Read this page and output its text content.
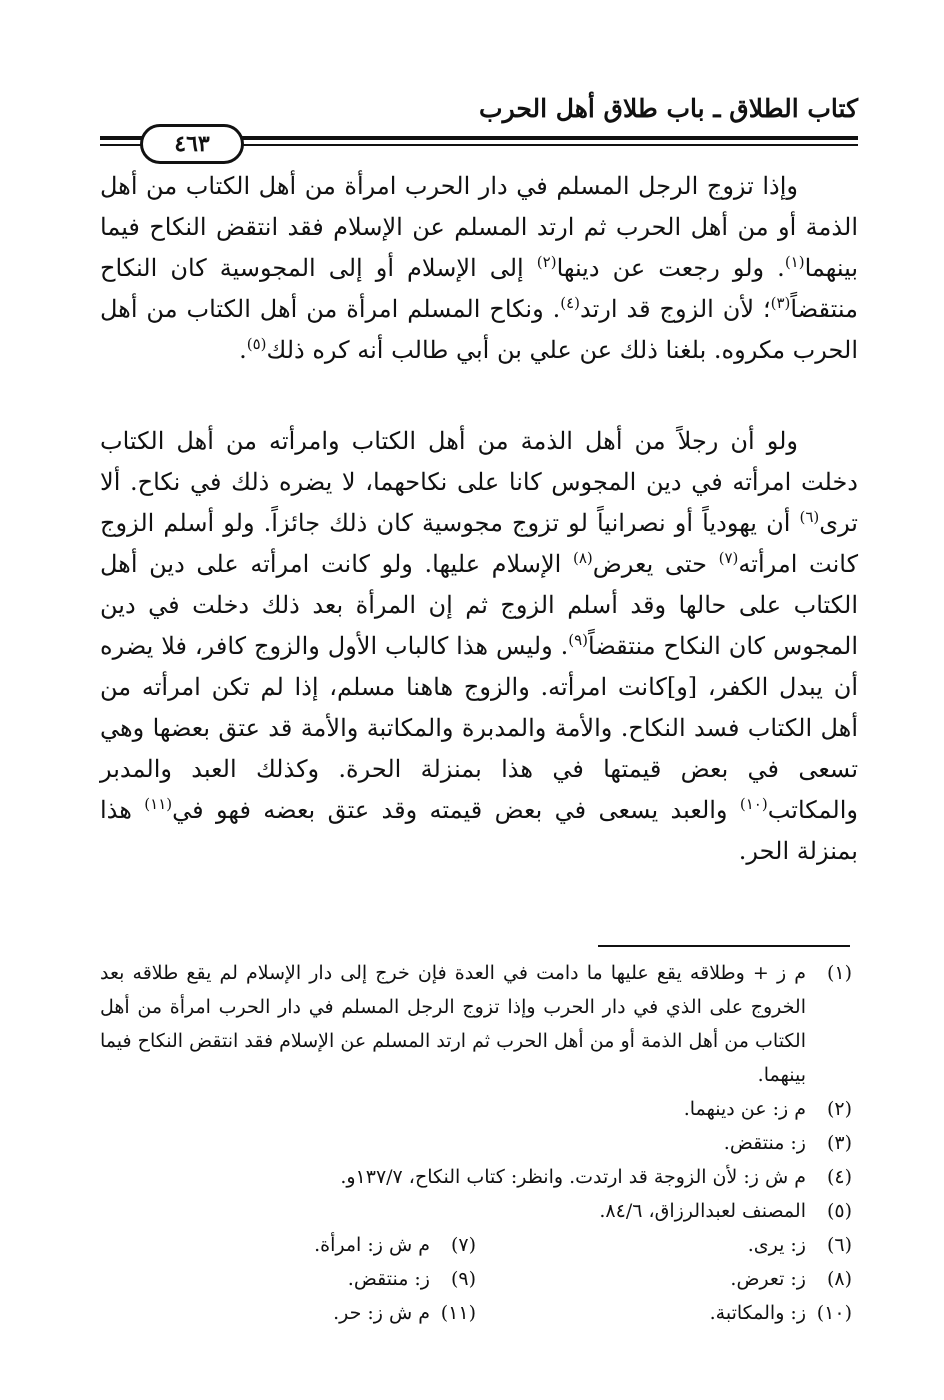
كتاب الطلاق ـ باب طلاق أهل الحرب
٤٦٣

وإذا تزوج الرجل المسلم في دار الحرب امرأة من أهل الكتاب من أهل الذمة أو من أهل الحرب ثم ارتد المسلم عن الإسلام فقد انتقض النكاح فيما بينهما$^{(١)}$. ولو رجعت عن دينها$^{(٢)}$ إلى الإسلام أو إلى المجوسية كان النكاح منتقضاً$^{(٣)}$؛ لأن الزوج قد ارتد$^{(٤)}$. ونكاح المسلم امرأة من أهل الكتاب من أهل الحرب مكروه. بلغنا ذلك عن علي بن أبي طالب أنه كره ذلك$^{(٥)}$.

ولو أن رجلاً من أهل الذمة من أهل الكتاب وامرأته من أهل الكتاب دخلت امرأته في دين المجوس كانا على نكاحهما، لا يضره ذلك في نكاح. ألا ترى$^{(٦)}$ أن يهودياً أو نصرانياً لو تزوج مجوسية كان ذلك جائزاً. ولو أسلم الزوج كانت امرأته$^{(٧)}$ حتى يعرض$^{(٨)}$ الإسلام عليها. ولو كانت امرأته على دين أهل الكتاب على حالها وقد أسلم الزوج ثم إن المرأة بعد ذلك دخلت في دين المجوس كان النكاح منتقضاً$^{(٩)}$. وليس هذا كالباب الأول والزوج كافر، فلا يضره أن يبدل الكفر، [و]كانت امرأته. والزوج هاهنا مسلم، إذا لم تكن امرأته من أهل الكتاب فسد النكاح. والأمة والمدبرة والمكاتبة والأمة قد عتق بعضها وهي تسعى في بعض قيمتها في هذا بمنزلة الحرة. وكذلك العبد والمدبر والمكاتب$^{(١٠)}$ والعبد يسعى في بعض قيمته وقد عتق بعضه فهو في$^{(١١)}$ هذا بمنزلة الحر.

(١)
م ز + وطلاقه يقع عليها ما دامت في العدة فإن خرج إلى دار الإسلام لم يقع طلاقه بعد الخروج على الذي في دار الحرب وإذا تزوج الرجل المسلم في دار الحرب امرأة من أهل الكتاب من أهل الذمة أو من أهل الحرب ثم ارتد المسلم عن الإسلام فقد انتقض النكاح فيما بينهما.
(٢)
م ز: عن دينهما.
(٣)
ز: منتقض.
(٤)
م ش ز: لأن الزوجة قد ارتدت. وانظر: كتاب النكاح، ١٣٧/٧و.
(٥)
المصنف لعبدالرزاق، ٨٤/٦.
(٦)
ز: يرى.
(٧)
م ش ز: امرأة.
(٨)
ز: تعرض.
(٩)
ز: منتقض.
(١٠)
ز: والمكاتبة.
(١١)
م ش ز: حر.
